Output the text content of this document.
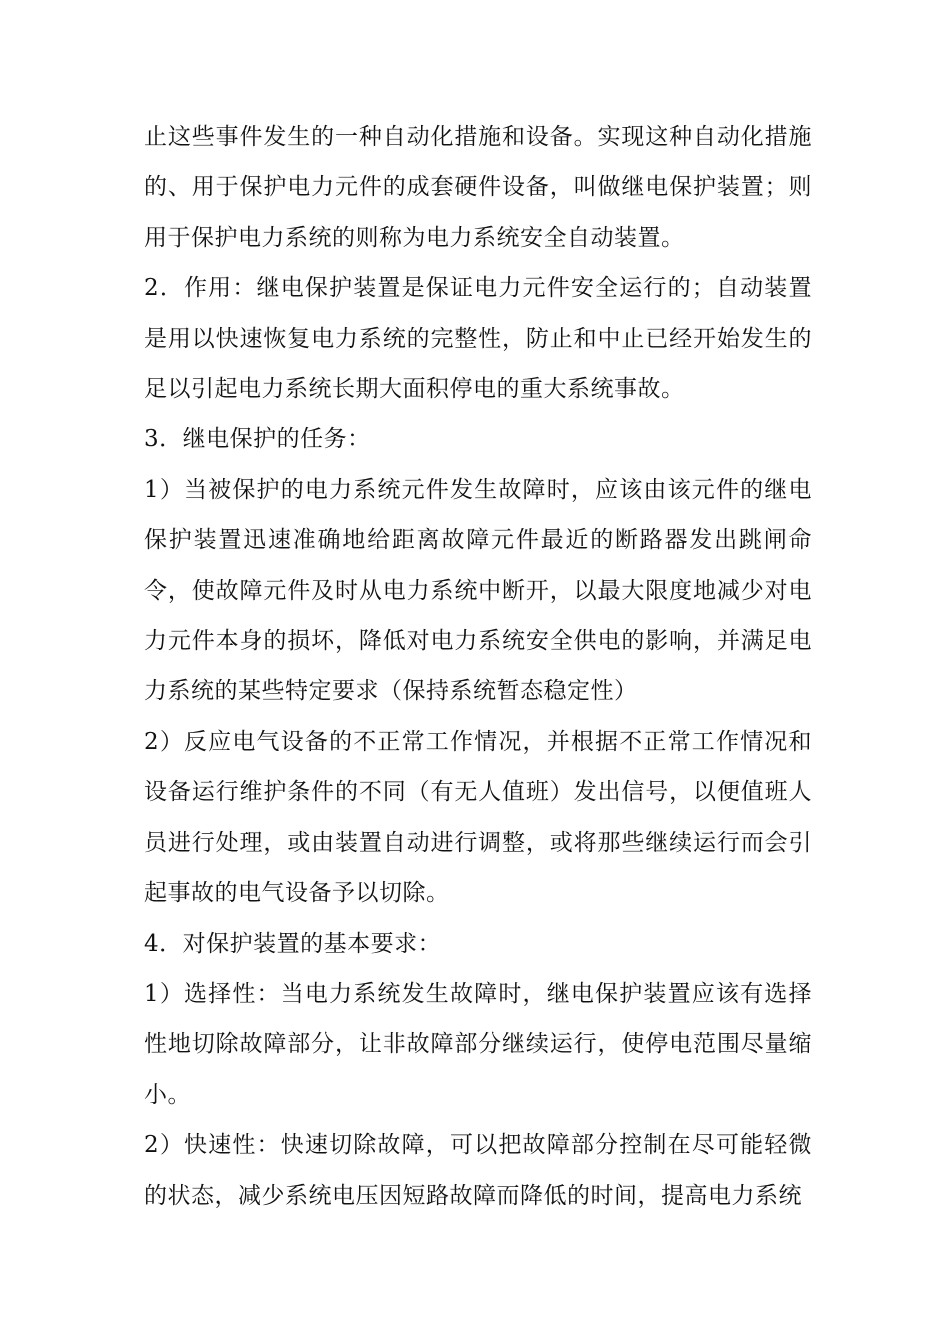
止这些事件发生的一种自动化措施和设备。实现这种自动化措施的、用于保护电力元件的成套硬件设备，叫做继电保护装置；则用于保护电力系统的则称为电力系统安全自动装置。

2．作用：继电保护装置是保证电力元件安全运行的；自动装置是用以快速恢复电力系统的完整性，防止和中止已经开始发生的足以引起电力系统长期大面积停电的重大系统事故。

3．继电保护的任务：

1）当被保护的电力系统元件发生故障时，应该由该元件的继电保护装置迅速准确地给距离故障元件最近的断路器发出跳闸命令，使故障元件及时从电力系统中断开，以最大限度地减少对电力元件本身的损坏，降低对电力系统安全供电的影响，并满足电力系统的某些特定要求（保持系统暂态稳定性）

2）反应电气设备的不正常工作情况，并根据不正常工作情况和设备运行维护条件的不同（有无人值班）发出信号，以便值班人员进行处理，或由装置自动进行调整，或将那些继续运行而会引起事故的电气设备予以切除。

4．对保护装置的基本要求：

1）选择性：当电力系统发生故障时，继电保护装置应该有选择性地切除故障部分，让非故障部分继续运行，使停电范围尽量缩小。

2）快速性：快速切除故障，可以把故障部分控制在尽可能轻微的状态，减少系统电压因短路故障而降低的时间，提高电力系统
